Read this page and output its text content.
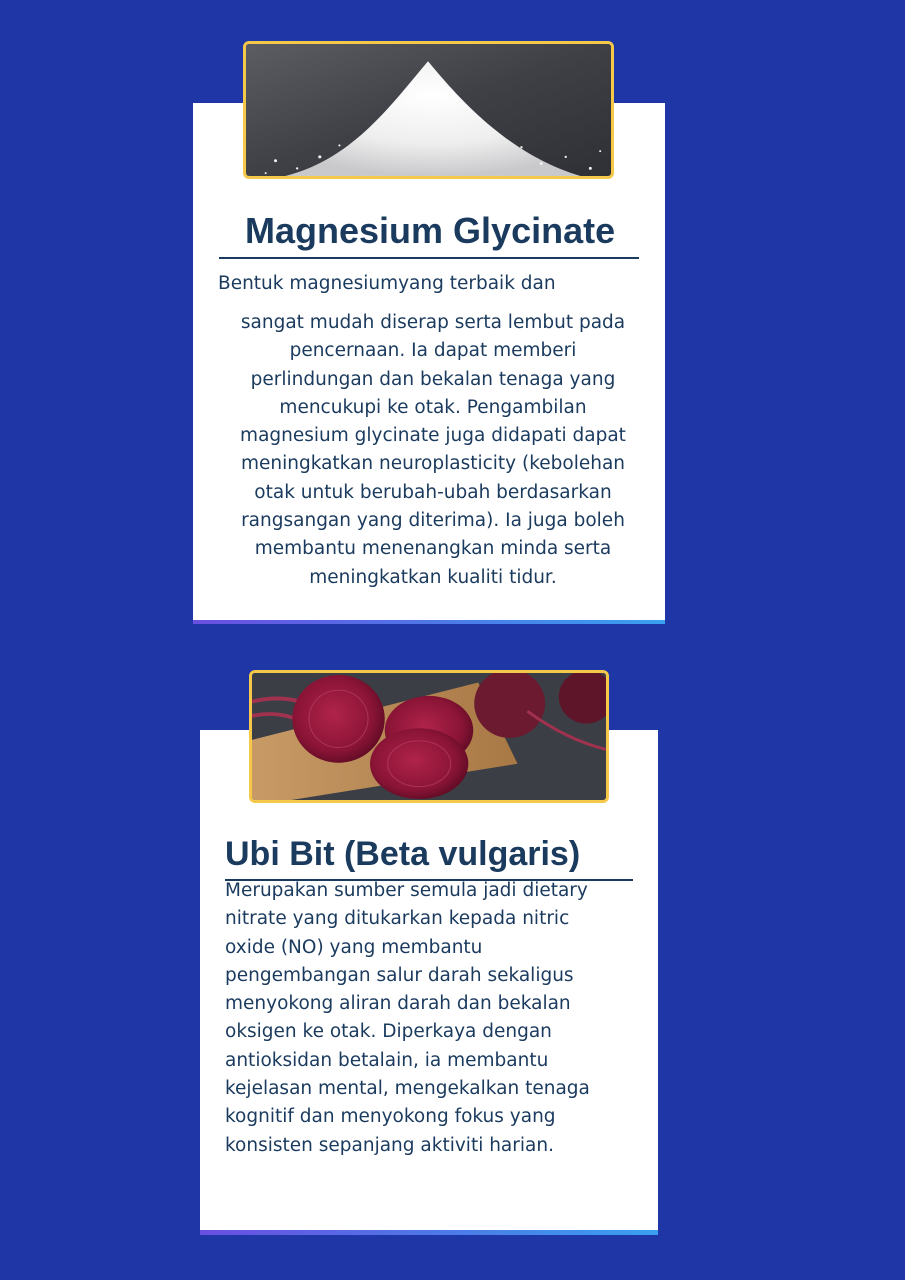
Magnesium Glycinate

Bentuk magnesiumyang terbaik dan

sangat mudah diserap serta lembut pada
pencernaan. Ia dapat memberi
perlindungan dan bekalan tenaga yang
mencukupi ke otak. Pengambilan
magnesium glycinate juga didapati dapat
meningkatkan neuroplasticity (kebolehan
otak untuk berubah-ubah berdasarkan
rangsangan yang diterima). Ia juga boleh
membantu menenangkan minda serta
meningkatkan kualiti tidur.
Ubi Bit (Beta vulgaris)
Merupakan sumber semula jadi dietary
nitrate yang ditukarkan kepada nitric
oxide (NO) yang membantu
pengembangan salur darah sekaligus
menyokong aliran darah dan bekalan
oksigen ke otak. Diperkaya dengan
antioksidan betalain, ia membantu
kejelasan mental, mengekalkan tenaga
kognitif dan menyokong fokus yang
konsisten sepanjang aktiviti harian.
